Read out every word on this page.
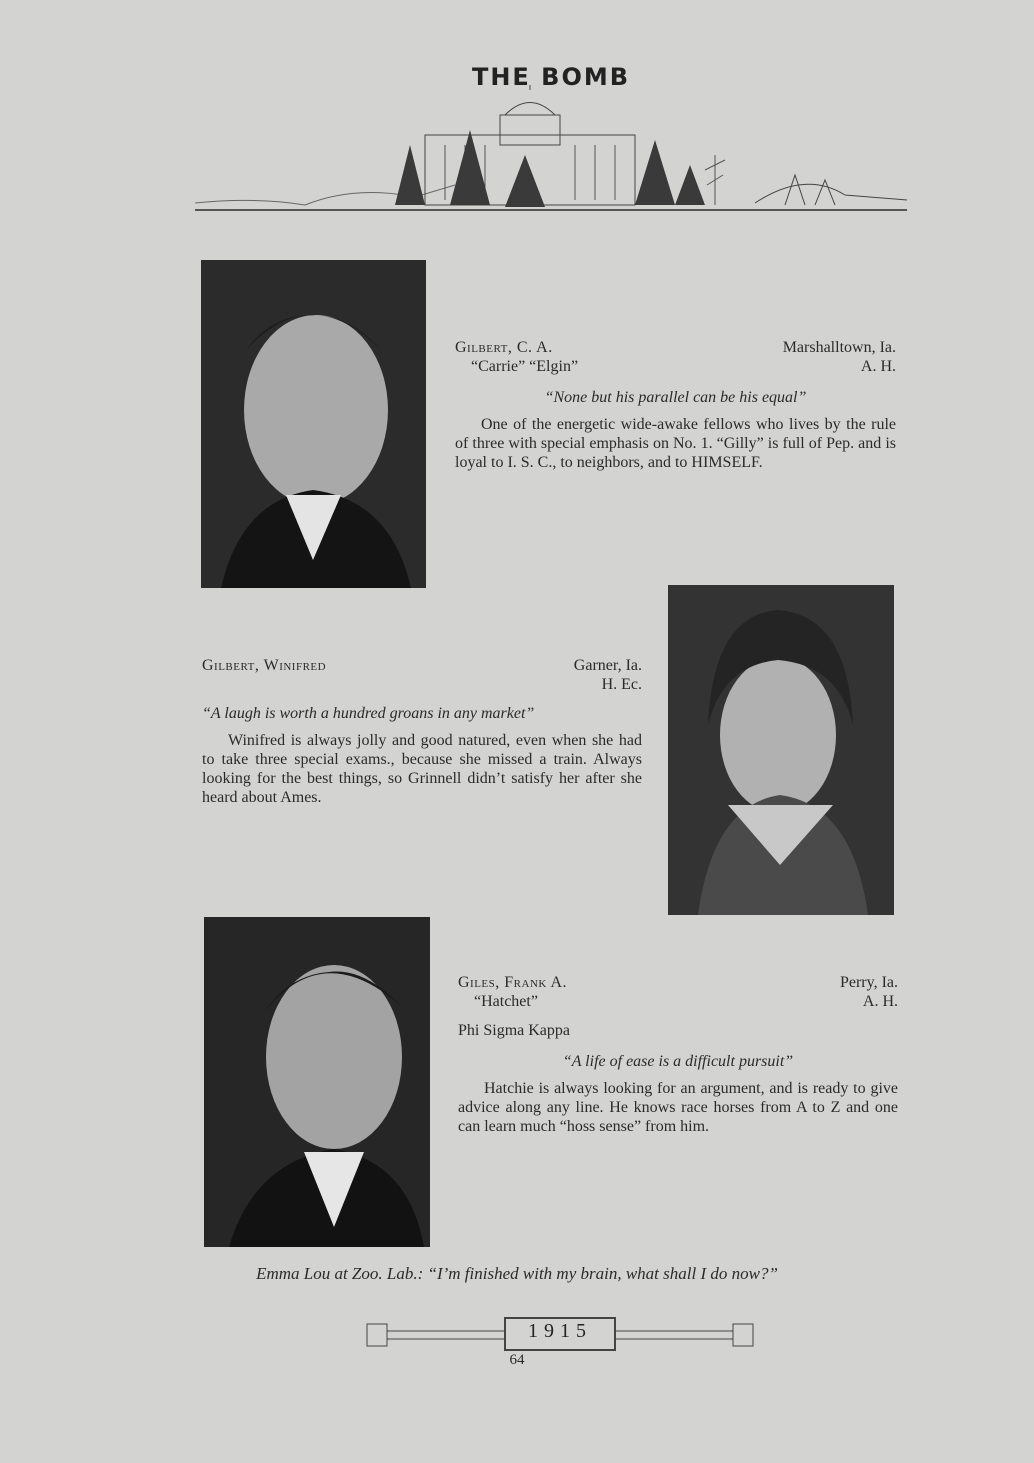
THE BOMB
Gilbert, C. A.	Marshalltown, Ia.
“Carrie” “Elgin”	A. H.
“None but his parallel can be his equal”
One of the energetic wide-awake fellows who lives by the rule of three with special emphasis on No. 1. “Gilly” is full of Pep. and is loyal to I. S. C., to neighbors, and to HIMSELF.
Gilbert, Winifred	Garner, Ia.
H. Ec.
“A laugh is worth a hundred groans in any market”
Winifred is always jolly and good natured, even when she had to take three special exams., because she missed a train. Always looking for the best things, so Grinnell didn’t satisfy her after she heard about Ames.
Giles, Frank A.	Perry, Ia.
“Hatchet”	A. H.
Phi Sigma Kappa
“A life of ease is a difficult pursuit”
Hatchie is always looking for an argument, and is ready to give advice along any line. He knows race horses from A to Z and one can learn much “hoss sense” from him.
Emma Lou at Zoo. Lab.: “I’m finished with my brain, what shall I do now?”
1915
64
